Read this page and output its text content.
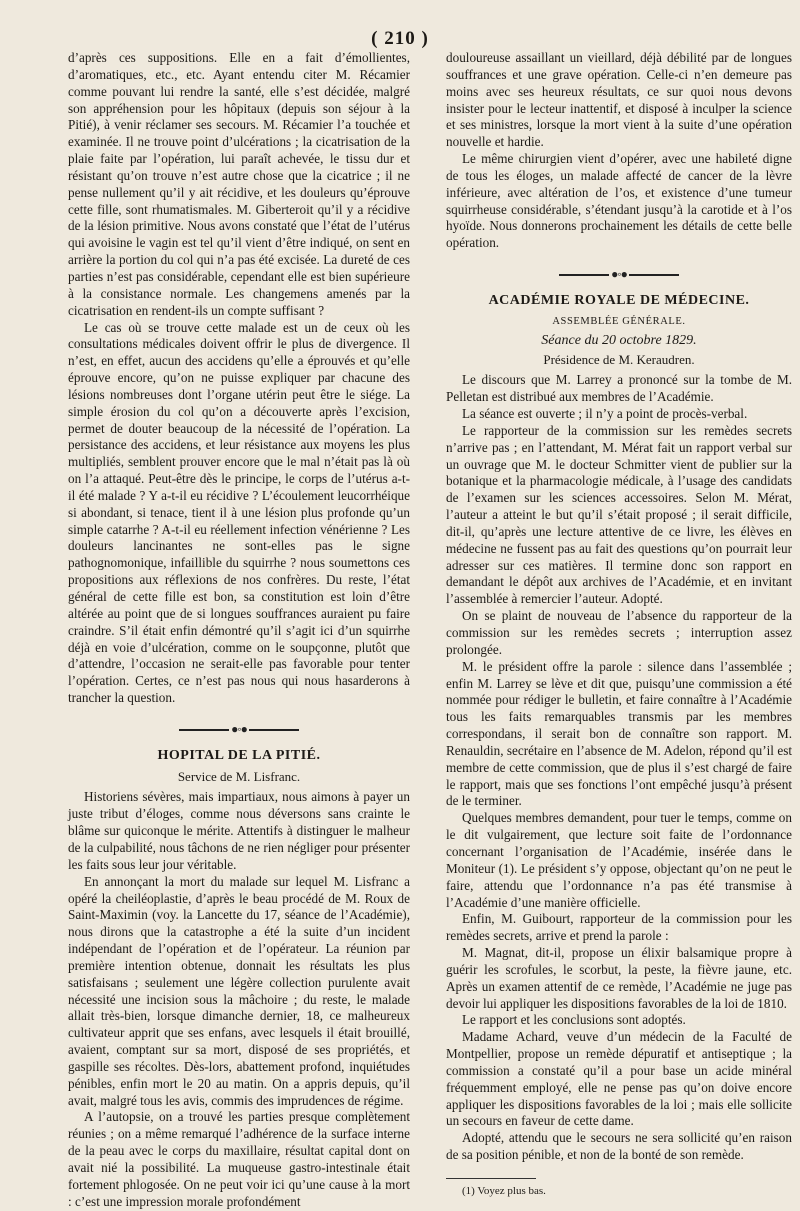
( 210 )

d’après ces suppositions. Elle en a fait d’émollientes, d’aromatiques, etc., etc. Ayant entendu citer M. Récamier comme pouvant lui rendre la santé, elle s’est décidée, malgré son appréhension pour les hôpitaux (depuis son séjour à la Pitié), à venir réclamer ses secours. M. Récamier l’a touchée et examinée. Il ne trouve point d’ulcérations ; la cicatrisation de la plaie faite par l’opération, lui paraît achevée, le tissu dur et résistant qu’on trouve n’est autre chose que la cicatrice ; il ne pense nullement qu’il y ait récidive, et les douleurs qu’éprouve cette fille, sont rhumatismales. M. Giberteroit qu’il y a récidive de la lésion primitive. Nous avons constaté que l’état de l’utérus qui avoisine le vagin est tel qu’il vient d’être indiqué, on sent en arrière la portion du col qui n’a pas été excisée. La dureté de ces parties n’est pas considérable, cependant elle est bien supérieure à la consistance normale. Les changemens amenés par la cicatrisation en rendent-ils un compte suffisant ?

Le cas où se trouve cette malade est un de ceux où les consultations médicales doivent offrir le plus de divergence. Il n’est, en effet, aucun des accidens qu’elle a éprouvés et qu’elle éprouve encore, qu’on ne puisse expliquer par chacune des lésions nombreuses dont l’organe utérin peut être le siége. La simple érosion du col qu’on a découverte après l’excision, permet de douter beaucoup de la nécessité de l’opération. La persistance des accidens, et leur résistance aux moyens les plus multipliés, semblent prouver encore que le mal n’était pas là où on l’a attaqué. Peut-être dès le principe, le corps de l’utérus a-t-il été malade ? Y a-t-il eu récidive ? L’écoulement leucorrhéique si abondant, si tenace, tient il à une lésion plus profonde qu’un simple catarrhe ? A-t-il eu réellement infection vénérienne ? Les douleurs lancinantes ne sont-elles pas le signe pathognomonique, infaillible du squirrhe ? nous soumettons ces propositions aux réflexions de nos confrères. Du reste, l’état général de cette fille est bon, sa constitution est loin d’être altérée au point que de si longues souffrances auraient pu faire craindre. S’il était enfin démontré qu’il s’agit ici d’un squirrhe déjà en voie d’ulcération, comme on le soupçonne, plutôt que d’attendre, l’occasion ne serait-elle pas favorable pour tenter l’opération. Certes, ce n’est pas nous qui nous hasarderons à trancher la question.

●◦●
HOPITAL DE LA PITIÉ.
Service de M. Lisfranc.

Historiens sévères, mais impartiaux, nous aimons à payer un juste tribut d’éloges, comme nous déversons sans crainte le blâme sur quiconque le mérite. Attentifs à distinguer le malheur de la culpabilité, nous tâchons de ne rien négliger pour présenter les faits sous leur jour véritable.

En annonçant la mort du malade sur lequel M. Lisfranc a opéré la cheiléoplastie, d’après le beau procédé de M. Roux de Saint-Maximin (voy. la Lancette du 17, séance de l’Académie), nous dirons que la catastrophe a été la suite d’un incident indépendant de l’opération et de l’opérateur. La réunion par première intention obtenue, donnait les résultats les plus satisfaisans ; seulement une légère collection purulente avait nécessité une incision sous la mâchoire ; du reste, le malade allait très-bien, lorsque dimanche dernier, 18, ce malheureux cultivateur apprit que ses enfans, avec lesquels il était brouillé, avaient, comptant sur sa mort, disposé de ses propriétés, et gaspille ses récoltes. Dès-lors, abattement profond, inquiétudes pénibles, enfin mort le 20 au matin. On a appris depuis, qu’il avait, malgré tous les avis, commis des imprudences de régime.

A l’autopsie, on a trouvé les parties presque complètement réunies ; on a même remarqué l’adhérence de la surface interne de la peau avec le corps du maxillaire, résultat capital dont on avait nié la possibilité. La muqueuse gastro-intestinale était fortement phlogosée. On ne peut voir ici qu’une cause à la mort : c’est une impression morale profondément

douloureuse assaillant un vieillard, déjà débilité par de longues souffrances et une grave opération. Celle-ci n’en demeure pas moins avec ses heureux résultats, ce sur quoi nous devons insister pour le lecteur inattentif, et disposé à inculper la science et ses ministres, lorsque la mort vient à la suite d’une opération nouvelle et hardie.

Le même chirurgien vient d’opérer, avec une habileté digne de tous les éloges, un malade affecté de cancer de la lèvre inférieure, avec altération de l’os, et existence d’une tumeur squirrheuse considérable, s’étendant jusqu’à la carotide et à l’os hyoïde. Nous donnerons prochainement les détails de cette belle opération.

●◦●
ACADÉMIE ROYALE DE MÉDECINE.
ASSEMBLÉE GÉNÉRALE.
Séance du 20 octobre 1829.
Présidence de M. Keraudren.

Le discours que M. Larrey a prononcé sur la tombe de M. Pelletan est distribué aux membres de l’Académie.

La séance est ouverte ; il n’y a point de procès-verbal.

Le rapporteur de la commission sur les remèdes secrets n’arrive pas ; en l’attendant, M. Mérat fait un rapport verbal sur un ouvrage que M. le docteur Schmitter vient de publier sur la botanique et la pharmacologie médicale, à l’usage des candidats de l’examen sur les sciences accessoires. Selon M. Mérat, l’auteur a atteint le but qu’il s’était proposé ; il serait difficile, dit-il, qu’après une lecture attentive de ce livre, les élèves en médecine ne fussent pas au fait des questions qu’on pourrait leur adresser sur ces matières. Il termine donc son rapport en demandant le dépôt aux archives de l’Académie, et en invitant l’assemblée à remercier l’auteur. Adopté.

On se plaint de nouveau de l’absence du rapporteur de la commission sur les remèdes secrets ; interruption assez prolongée.

M. le président offre la parole : silence dans l’assemblée ; enfin M. Larrey se lève et dit que, puisqu’une commission a été nommée pour rédiger le bulletin, et faire connaître à l’Académie tous les faits remarquables transmis par les membres correspondans, il serait bon de connaître son rapport. M. Renauldin, secrétaire en l’absence de M. Adelon, répond qu’il est membre de cette commission, que de plus il s’est chargé de faire le rapport, mais que ses fonctions l’ont empêché jusqu’à présent de le terminer.

Quelques membres demandent, pour tuer le temps, comme on le dit vulgairement, que lecture soit faite de l’ordonnance concernant l’organisation de l’Académie, insérée dans le Moniteur (1). Le président s’y oppose, objectant qu’on ne peut le faire, attendu que l’ordonnance n’a pas été transmise à l’Académie d’une manière officielle.

Enfin, M. Guibourt, rapporteur de la commission pour les remèdes secrets, arrive et prend la parole :

M. Magnat, dit-il, propose un élixir balsamique propre à guérir les scrofules, le scorbut, la peste, la fièvre jaune, etc. Après un examen attentif de ce remède, l’Académie ne juge pas devoir lui appliquer les dispositions favorables de la loi de 1810.

Le rapport et les conclusions sont adoptés.

Madame Achard, veuve d’un médecin de la Faculté de Montpellier, propose un remède dépuratif et antiseptique ; la commission a constaté qu’il a pour base un acide minéral fréquemment employé, elle ne pense pas qu’on doive encore appliquer les dispositions favorables de la loi ; mais elle sollicite un secours en faveur de cette dame.

Adopté, attendu que le secours ne sera sollicité qu’en raison de sa position pénible, et non de la bonté de son remède.

(1) Voyez plus bas.
